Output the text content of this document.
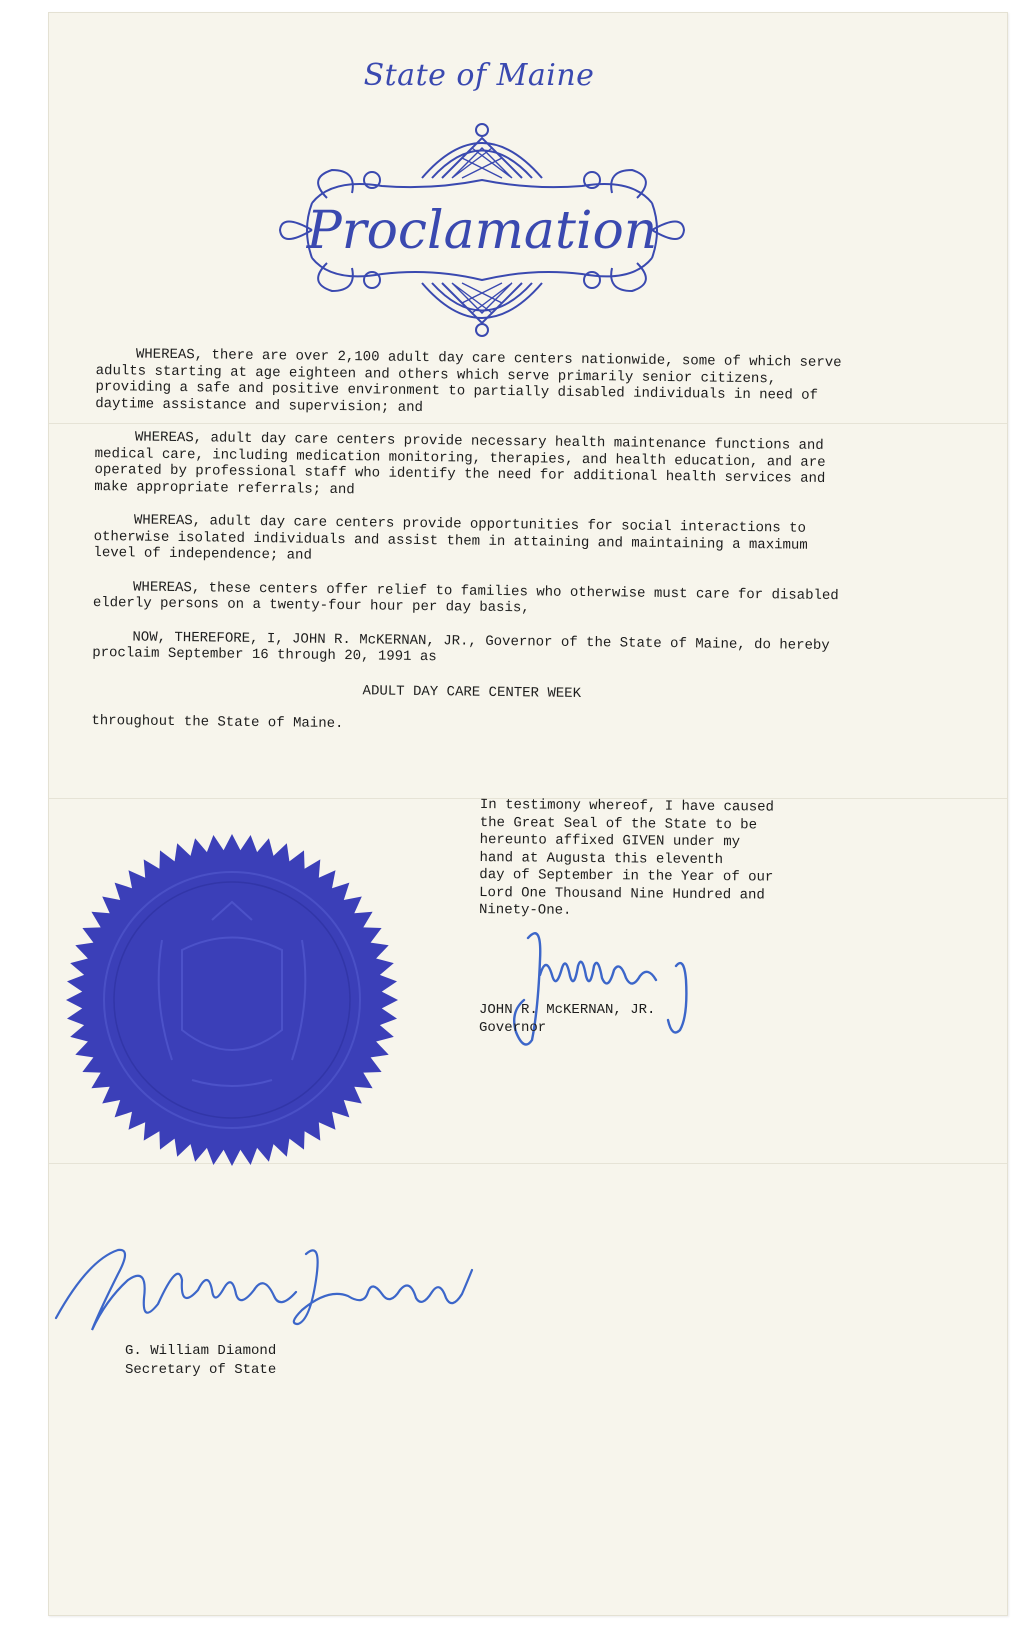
State of Maine
Proclamation

WHEREAS, there are over 2,100 adult day care centers nationwide, some of which serve adults starting at age eighteen and others which serve primarily senior citizens, providing a safe and positive environment to partially disabled individuals in need of daytime assistance and supervision; and

WHEREAS, adult day care centers provide necessary health maintenance functions and medical care, including medication monitoring, therapies, and health education, and are operated by professional staff who identify the need for additional health services and make appropriate referrals; and

WHEREAS, adult day care centers provide opportunities for social interactions to otherwise isolated individuals and assist them in attaining and maintaining a maximum level of independence; and

WHEREAS, these centers offer relief to families who otherwise must care for disabled elderly persons on a twenty-four hour per day basis,

NOW, THEREFORE, I, JOHN R. McKERNAN, JR., Governor of the State of Maine, do hereby proclaim September 16 through 20, 1991 as

ADULT DAY CARE CENTER WEEK

throughout the State of Maine.

In testimony whereof, I have caused
the Great Seal of the State to be
hereunto affixed GIVEN under my
hand at Augusta this eleventh
day of September in the Year of our
Lord One Thousand Nine Hundred and
Ninety-One.
JOHN R. McKERNAN, JR.
Governor
G. William Diamond
Secretary of State
